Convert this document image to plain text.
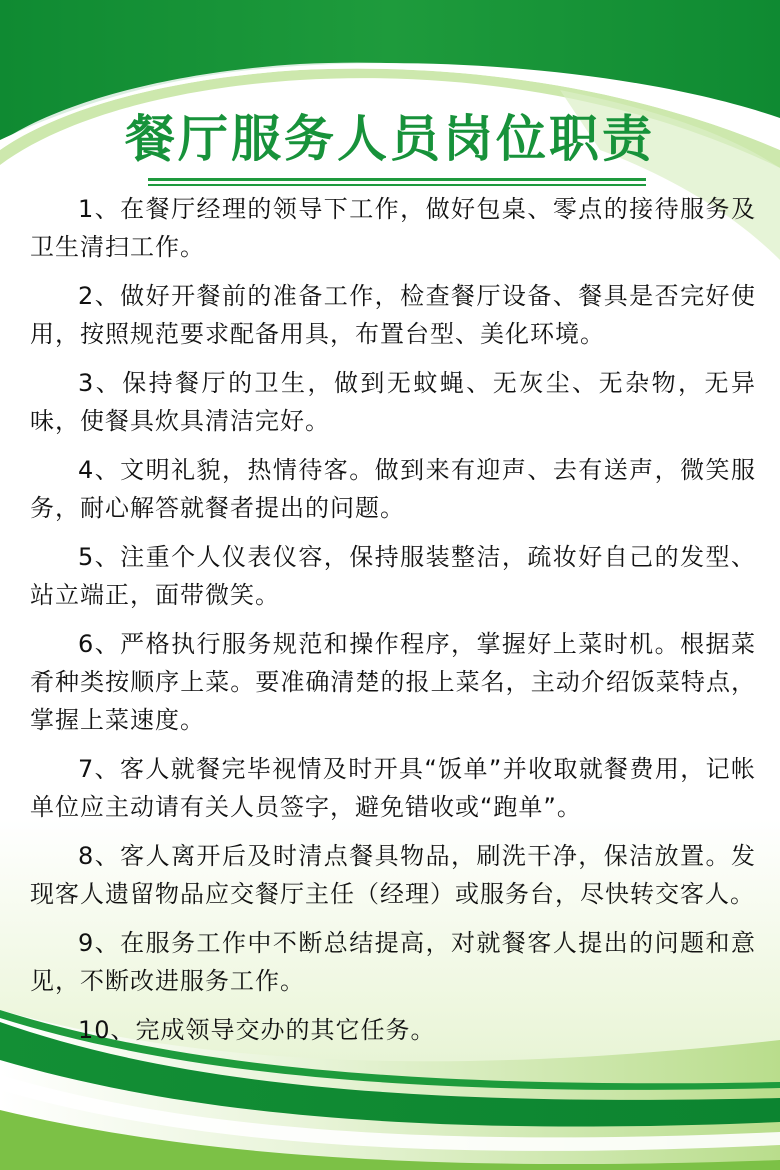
餐厅服务人员岗位职责
1、在餐厅经理的领导下工作，做好包桌、零点的接待服务及卫生清扫工作。
2、做好开餐前的准备工作，检查餐厅设备、餐具是否完好使用，按照规范要求配备用具，布置台型、美化环境。
3、保持餐厅的卫生，做到无蚊蝇、无灰尘、无杂物，无异味，使餐具炊具清洁完好。
4、文明礼貌，热情待客。做到来有迎声、去有送声，微笑服务，耐心解答就餐者提出的问题。
5、注重个人仪表仪容，保持服装整洁，疏妆好自己的发型、站立端正，面带微笑。
6、严格执行服务规范和操作程序，掌握好上菜时机。根据菜肴种类按顺序上菜。要准确清楚的报上菜名，主动介绍饭菜特点，掌握上菜速度。
7、客人就餐完毕视情及时开具“饭单”并收取就餐费用，记帐单位应主动请有关人员签字，避免错收或“跑单”。
8、客人离开后及时清点餐具物品，刷洗干净，保洁放置。发现客人遗留物品应交餐厅主任（经理）或服务台，尽快转交客人。
9、在服务工作中不断总结提高，对就餐客人提出的问题和意见，不断改进服务工作。
10、完成领导交办的其它任务。
